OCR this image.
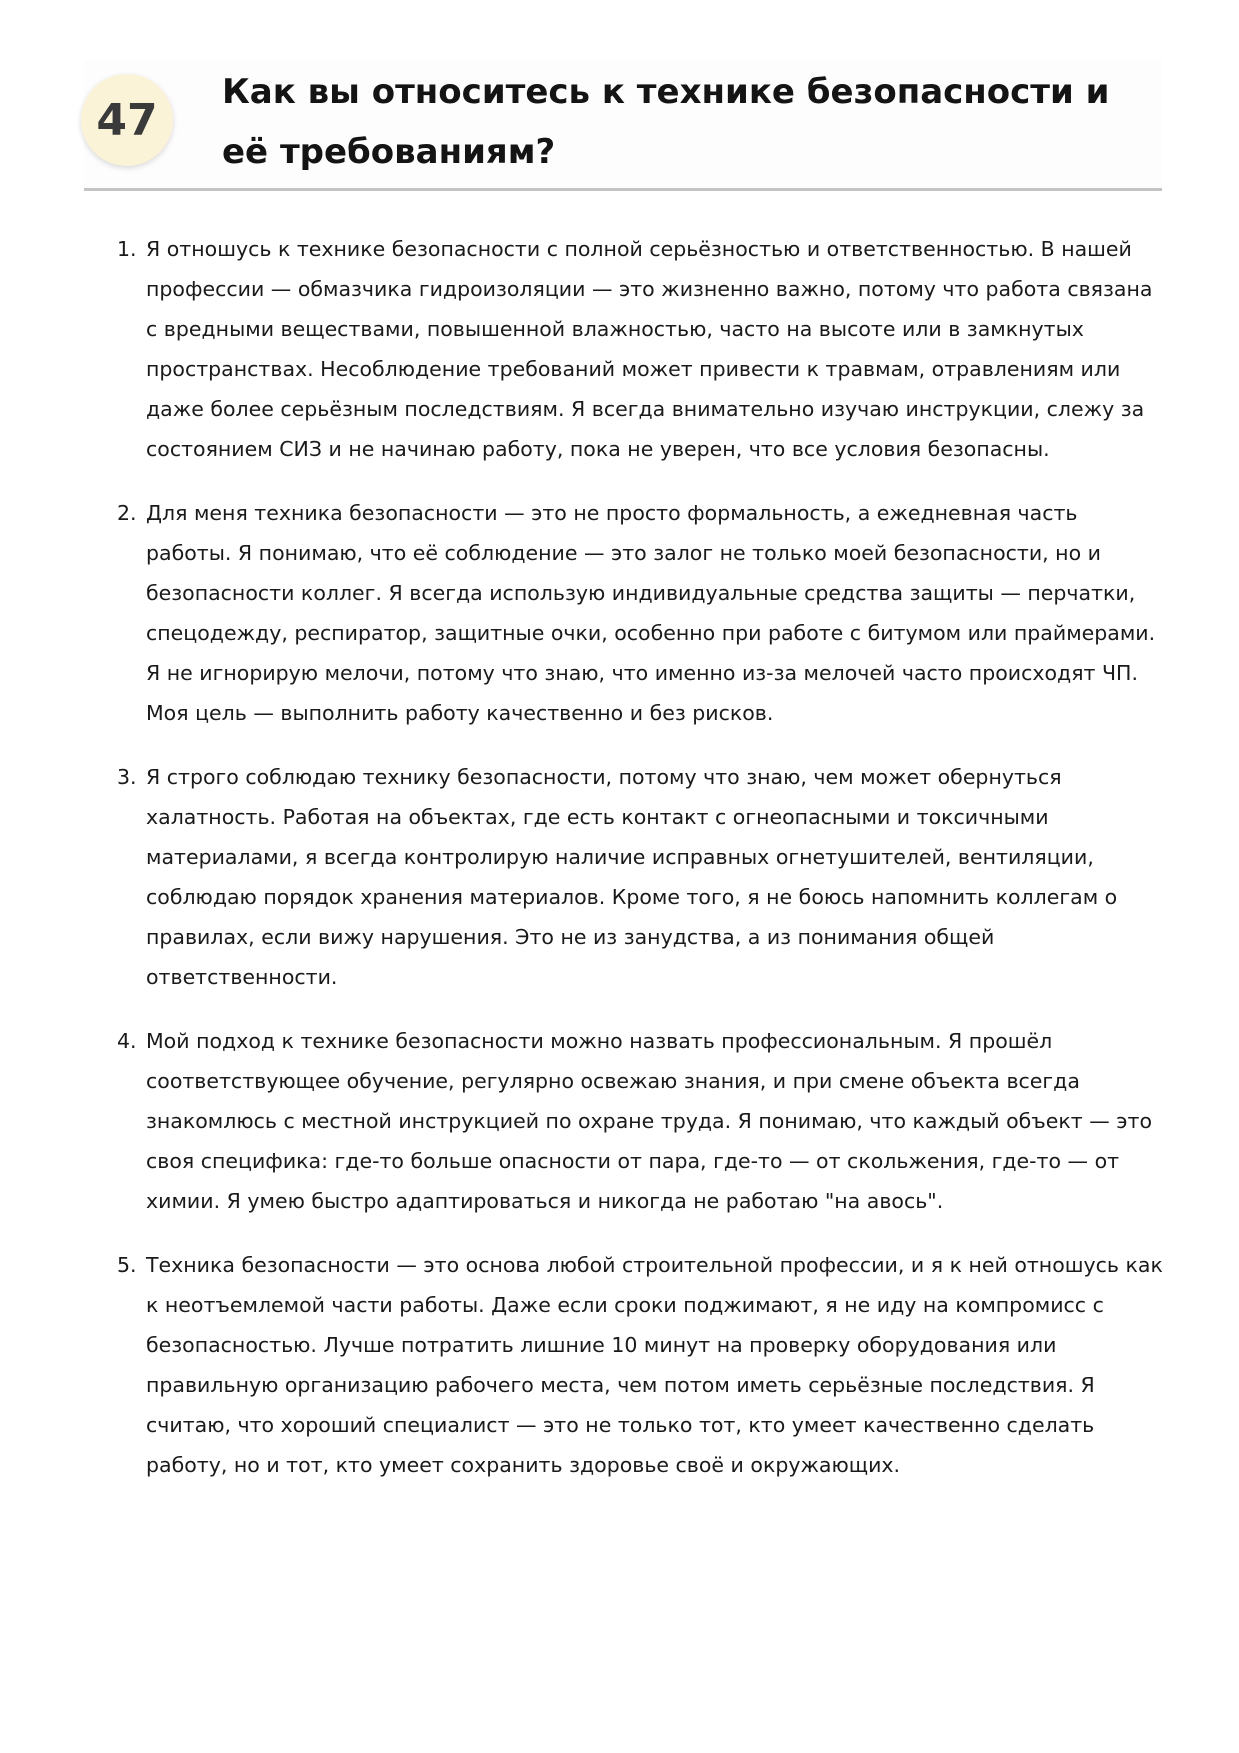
47
Как вы относитесь к технике безопасности и её требованиям?
1. Я отношусь к технике безопасности с полной серьёзностью и ответственностью. В нашей профессии — обмазчика гидроизоляции — это жизненно важно, потому что работа связана с вредными веществами, повышенной влажностью, часто на высоте или в замкнутых пространствах. Несоблюдение требований может привести к травмам, отравлениям или даже более серьёзным последствиям. Я всегда внимательно изучаю инструкции, слежу за состоянием СИЗ и не начинаю работу, пока не уверен, что все условия безопасны.
2. Для меня техника безопасности — это не просто формальность, а ежедневная часть работы. Я понимаю, что её соблюдение — это залог не только моей безопасности, но и безопасности коллег. Я всегда использую индивидуальные средства защиты — перчатки, спецодежду, респиратор, защитные очки, особенно при работе с битумом или праймерами. Я не игнорирую мелочи, потому что знаю, что именно из-за мелочей часто происходят ЧП. Моя цель — выполнить работу качественно и без рисков.
3. Я строго соблюдаю технику безопасности, потому что знаю, чем может обернуться халатность. Работая на объектах, где есть контакт с огнеопасными и токсичными материалами, я всегда контролирую наличие исправных огнетушителей, вентиляции, соблюдаю порядок хранения материалов. Кроме того, я не боюсь напомнить коллегам о правилах, если вижу нарушения. Это не из занудства, а из понимания общей ответственности.
4. Мой подход к технике безопасности можно назвать профессиональным. Я прошёл соответствующее обучение, регулярно освежаю знания, и при смене объекта всегда знакомлюсь с местной инструкцией по охране труда. Я понимаю, что каждый объект — это своя специфика: где-то больше опасности от пара, где-то — от скольжения, где-то — от химии. Я умею быстро адаптироваться и никогда не работаю "на авось".
5. Техника безопасности — это основа любой строительной профессии, и я к ней отношусь как к неотъемлемой части работы. Даже если сроки поджимают, я не иду на компромисс с безопасностью. Лучше потратить лишние 10 минут на проверку оборудования или правильную организацию рабочего места, чем потом иметь серьёзные последствия. Я считаю, что хороший специалист — это не только тот, кто умеет качественно сделать работу, но и тот, кто умеет сохранить здоровье своё и окружающих.
